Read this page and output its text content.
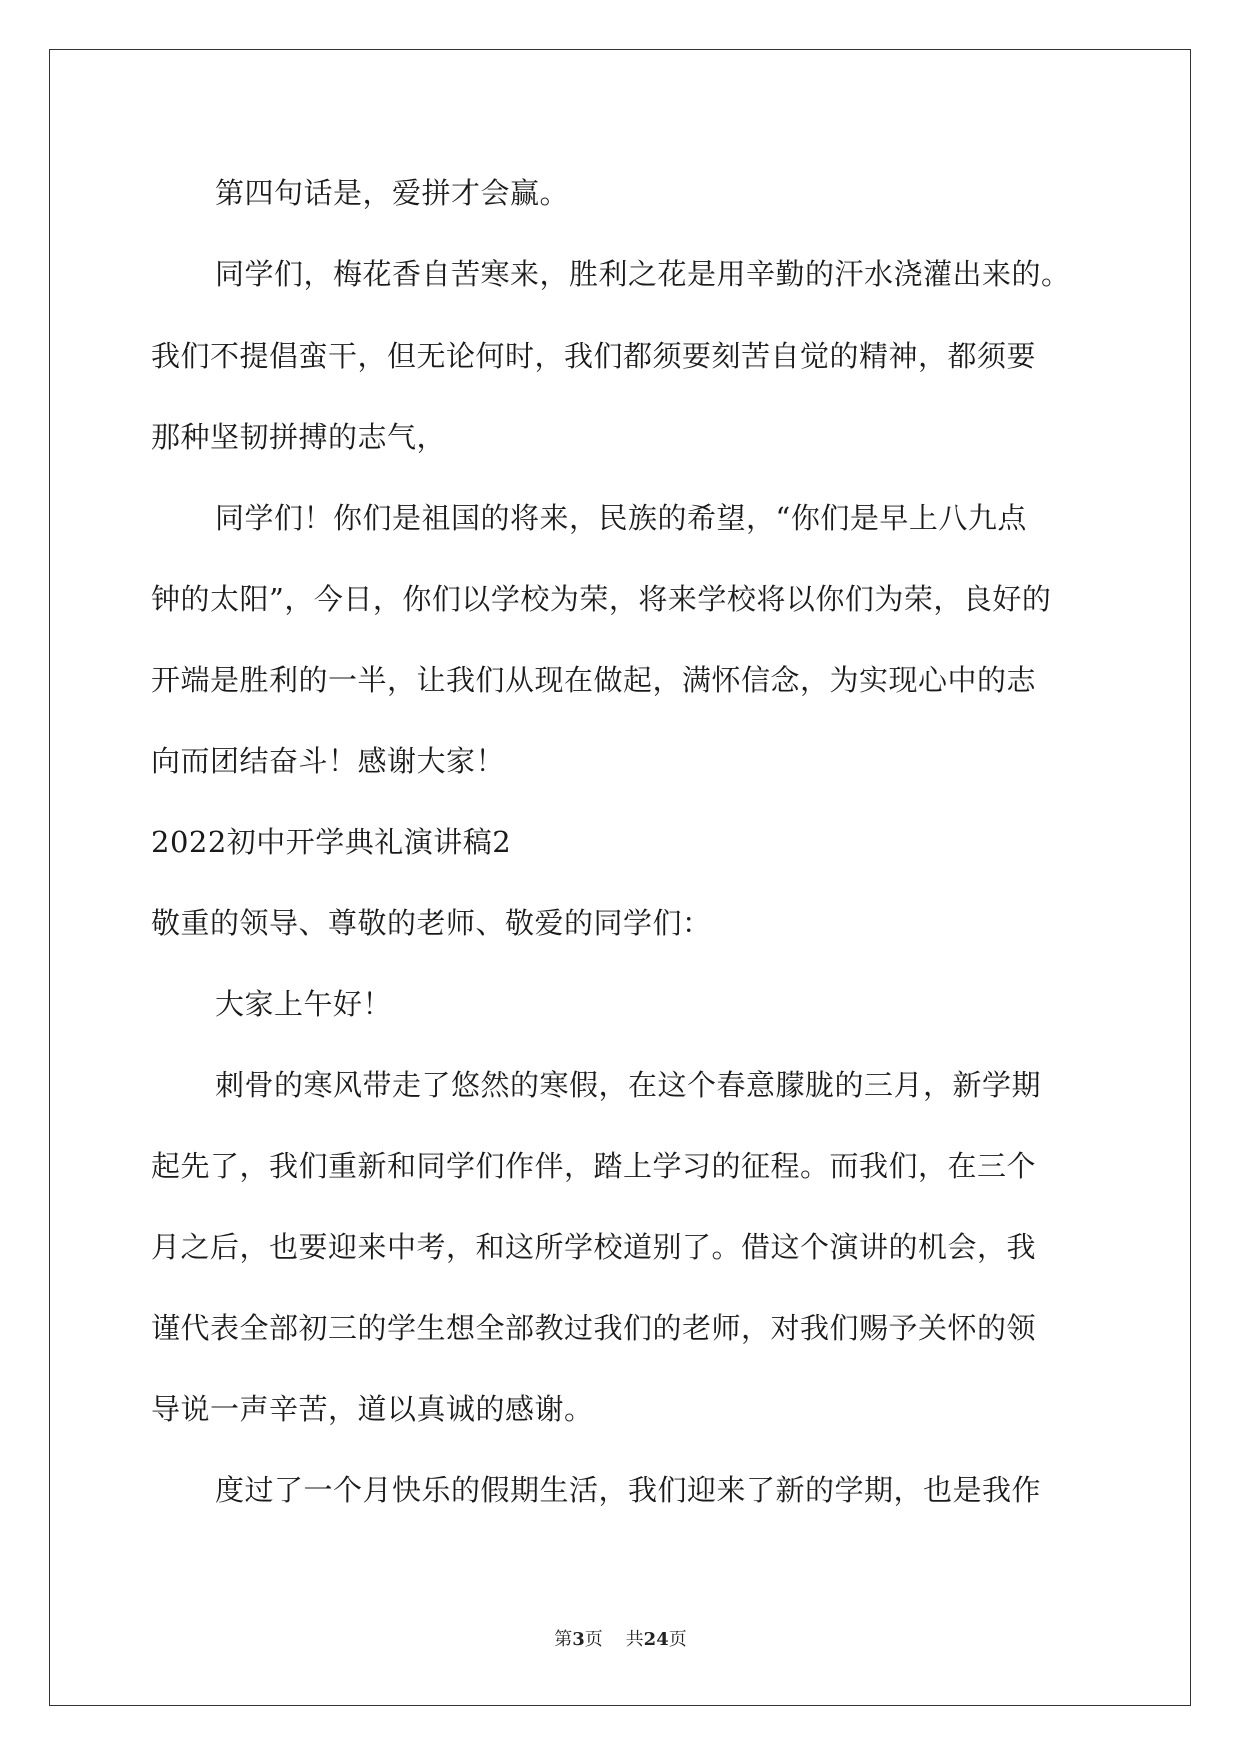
第四句话是，爱拼才会赢。
同学们，梅花香自苦寒来，胜利之花是用辛勤的汗水浇灌出来的。
我们不提倡蛮干，但无论何时，我们都须要刻苦自觉的精神，都须要
那种坚韧拼搏的志气，
同学们！你们是祖国的将来，民族的希望，“你们是早上八九点
钟的太阳”，今日，你们以学校为荣，将来学校将以你们为荣，良好的
开端是胜利的一半，让我们从现在做起，满怀信念，为实现心中的志
向而团结奋斗！感谢大家！
2022初中开学典礼演讲稿2
敬重的领导、尊敬的老师、敬爱的同学们：
大家上午好！
刺骨的寒风带走了悠然的寒假，在这个春意朦胧的三月，新学期
起先了，我们重新和同学们作伴，踏上学习的征程。而我们，在三个
月之后，也要迎来中考，和这所学校道别了。借这个演讲的机会，我
谨代表全部初三的学生想全部教过我们的老师，对我们赐予关怀的领
导说一声辛苦，道以真诚的感谢。
度过了一个月快乐的假期生活，我们迎来了新的学期，也是我作
第3页 共24页
